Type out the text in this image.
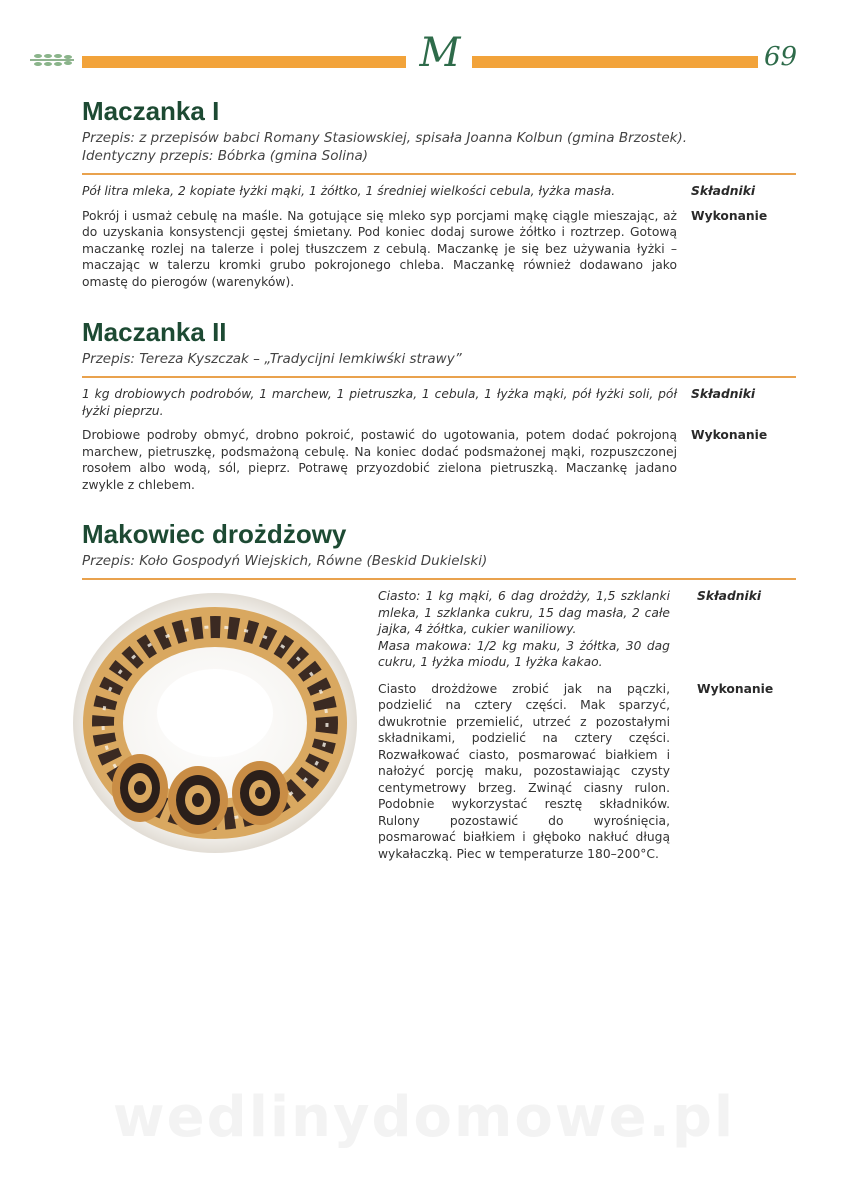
M	69
Maczanka I

Przepis: z przepisów babci Romany Stasiowskiej, spisała Joanna Kolbun (gmina Brzostek).
Identyczny przepis: Bóbrka (gmina Solina)

Pół litra mleka, 2 kopiate łyżki mąki, 1 żółtko, 1 średniej wielkości cebula, łyżka masła.	Składniki
Pokrój i usmaż cebulę na maśle. Na gotujące się mleko syp porcjami mąkę ciągle mieszając, aż do uzyskania konsystencji gęstej śmietany. Pod koniec dodaj surowe żółtko i roztrzep. Gotową maczankę rozlej na talerze i polej tłuszczem z cebulą. Maczankę je się bez używania łyżki – maczając w talerzu kromki grubo pokrojonego chleba. Maczankę również dodawano jako omastę do pierogów (warenyków).
Wykonanie
Maczanka II

Przepis: Tereza Kyszczak – „Tradycijni lemkiwśki strawy”

1 kg drobiowych podrobów, 1 marchew, 1 pietruszka, 1 cebula, 1 łyżka mąki, pół łyżki soli, pół łyżki pieprzu.
Składniki
Drobiowe podroby obmyć, drobno pokroić, postawić do ugotowania, potem dodać pokrojoną marchew, pietruszkę, podsmażoną cebulę. Na koniec dodać podsmażonej mąki, rozpuszczonej rosołem albo wodą, sól, pieprz. Potrawę przyozdobić zielona pietruszką. Maczankę jadano zwykle z chlebem.
Wykonanie
Makowiec drożdżowy

Przepis: Koło Gospodyń Wiejskich, Równe (Beskid Dukielski)

Ciasto: 1 kg mąki, 6 dag drożdży, 1,5 szklanki mleka, 1 szklanka cukru, 15 dag masła, 2 całe jajka, 4 żółtka, cukier waniliowy.
Masa makowa: 1/2 kg maku, 3 żółtka, 30 dag cukru, 1 łyżka miodu, 1 łyżka kakao.
Składniki
Ciasto drożdżowe zrobić jak na pączki, podzielić na cztery części. Mak sparzyć, dwukrotnie przemielić, utrzeć z pozostałymi składnikami, podzielić na cztery części. Rozwałkować ciasto, posmarować białkiem i nałożyć porcję maku, pozostawiając czysty centymetrowy brzeg. Zwinąć ciasny rulon. Podobnie wykorzystać resztę składników. Rulony pozostawić do wyrośnięcia, posmarować białkiem i głęboko nakłuć długą wykałaczką. Piec w temperaturze 180–200°C.
Wykonanie
wedlinydomowe.pl
